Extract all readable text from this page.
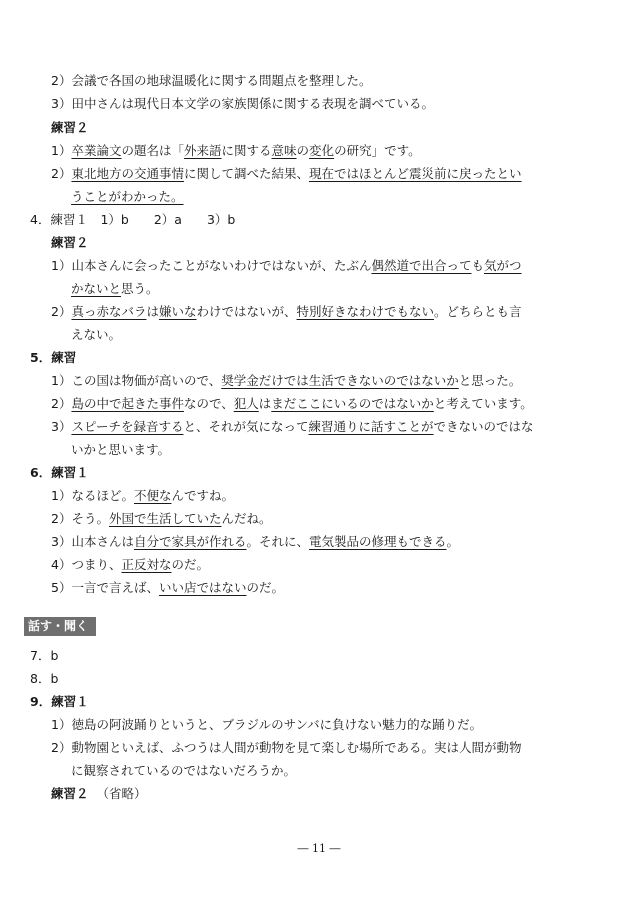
2）会議で各国の地球温暖化に関する問題点を整理した。
3）田中さんは現代日本文学の家族関係に関する表現を調べている。
練習２
1）卒業論文の題名は「外来語に関する意味の変化の研究」です。
2）東北地方の交通事情に関して調べた結果、現在ではほとんど震災前に戻ったとい
うことがわかった。
4．練習１　1）b　　2）a　　3）b
練習２
1）山本さんに会ったことがないわけではないが、たぶん偶然道で出合っても気がつ
かないと思う。
2）真っ赤なバラは嫌いなわけではないが、特別好きなわけでもない。どちらとも言
えない。
5．練習
1）この国は物価が高いので、奨学金だけでは生活できないのではないかと思った。
2）島の中で起きた事件なので、犯人はまだここにいるのではないかと考えています。
3）スピーチを録音すると、それが気になって練習通りに話すことができないのではな
いかと思います。
6．練習１
1）なるほど。不便なんですね。
2）そう。外国で生活していたんだね。
3）山本さんは自分で家具が作れる。それに、電気製品の修理もできる。
4）つまり、正反対なのだ。
5）一言で言えば、いい店ではないのだ。
話す・聞く
7．b
8．b
9．練習１
1）徳島の阿波踊りというと、ブラジルのサンバに負けない魅力的な踊りだ。
2）動物園といえば、ふつうは人間が動物を見て楽しむ場所である。実は人間が動物
に観察されているのではないだろうか。
練習２ （省略）
― 11 ―
